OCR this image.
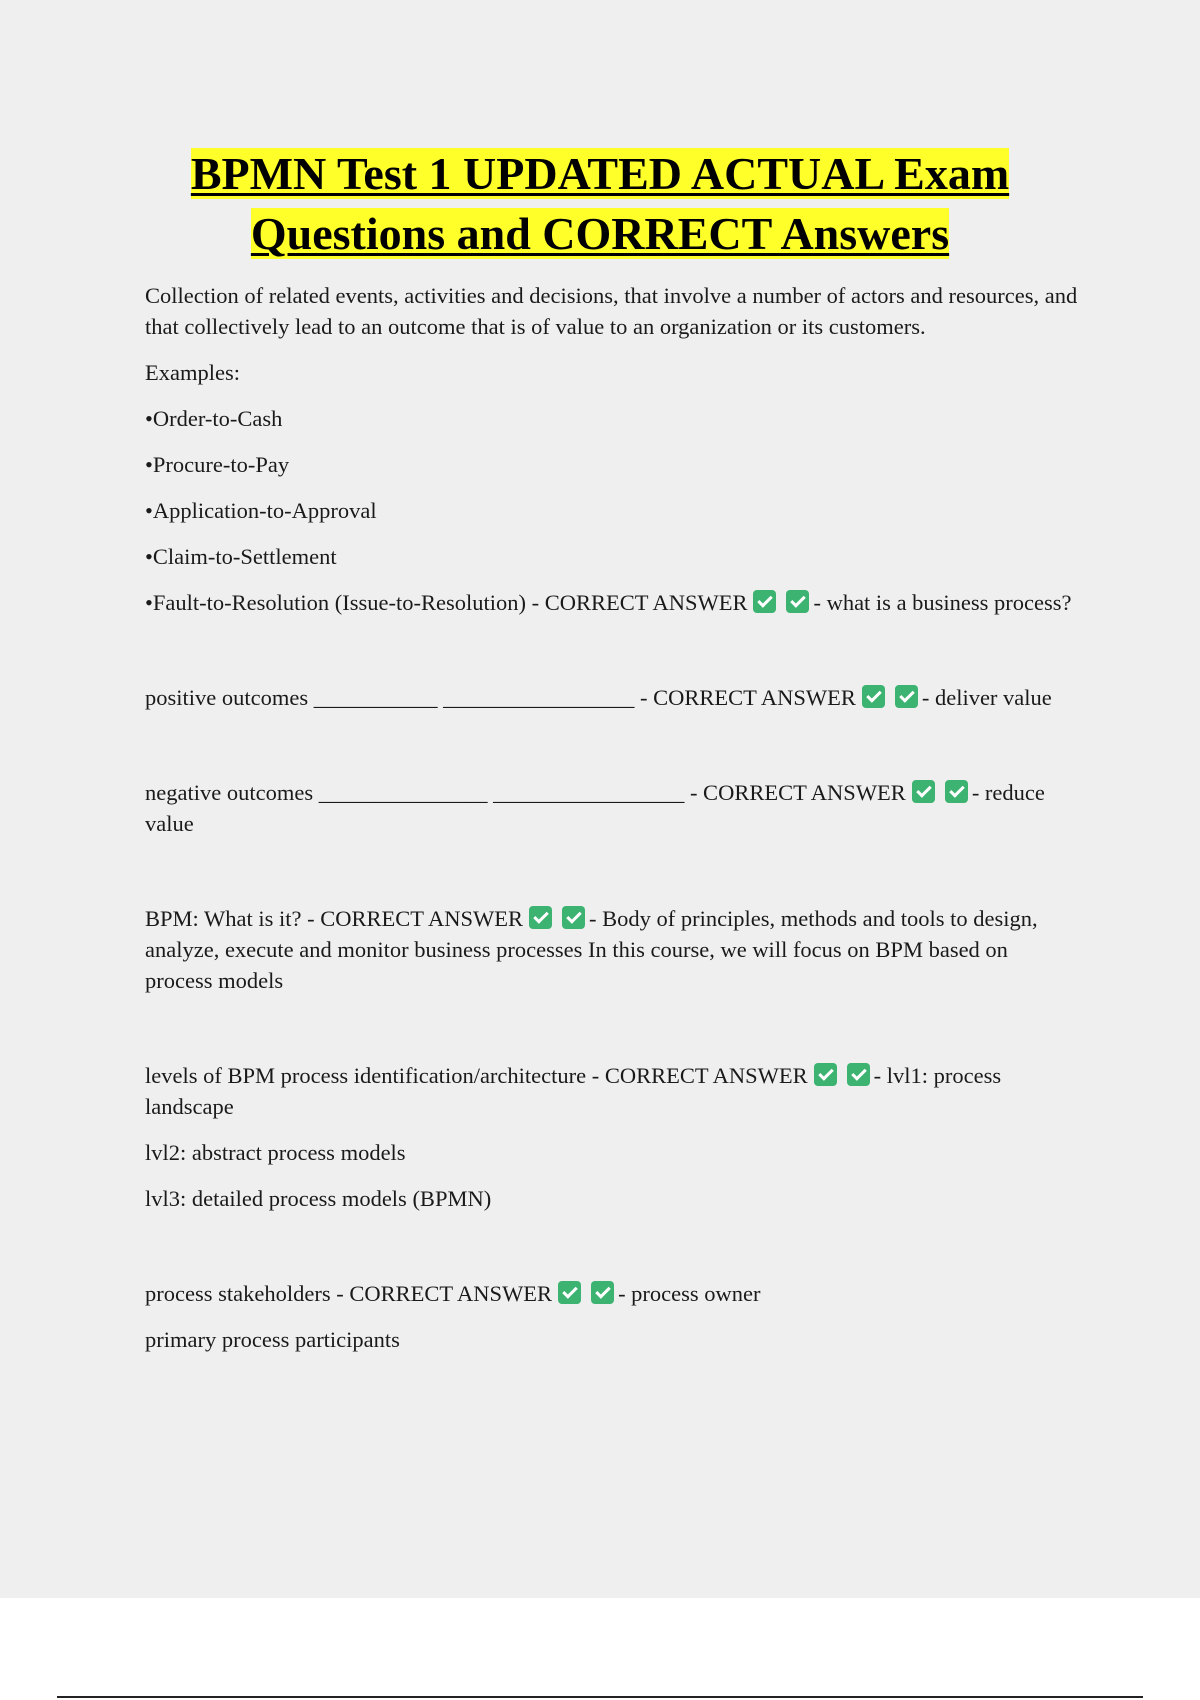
BPMN Test 1 UPDATED ACTUAL Exam
Questions and CORRECT Answers

Collection of related events, activities and decisions, that involve a number of actors and resources, and that collectively lead to an outcome that is of value to an organization or its customers.

Examples:

•Order-to-Cash

•Procure-to-Pay

•Application-to-Approval

•Claim-to-Settlement

•Fault-to-Resolution (Issue-to-Resolution) - CORRECT ANSWER	- what is a business process?

positive outcomes ___________ _________________ - CORRECT ANSWER	- deliver value

negative outcomes _______________ _________________ - CORRECT ANSWER	- reduce value

BPM: What is it? - CORRECT ANSWER	- Body of principles, methods and tools to design, analyze, execute and monitor business processes In this course, we will focus on BPM based on process models

levels of BPM process identification/architecture - CORRECT ANSWER	- lvl1: process landscape

lvl2: abstract process models

lvl3: detailed process models (BPMN)

process stakeholders - CORRECT ANSWER	- process owner

primary process participants
